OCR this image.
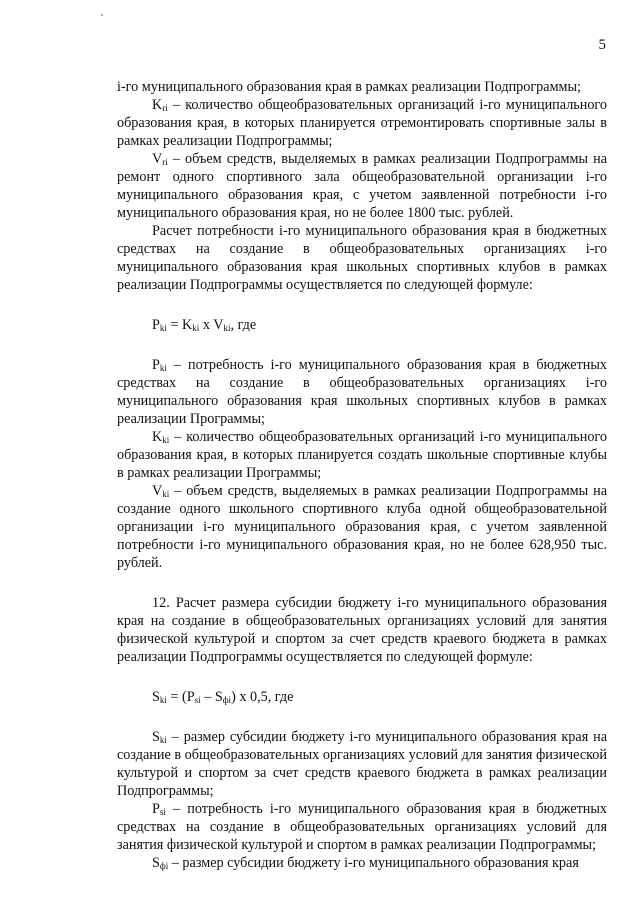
5

i-го муниципального образования края в рамках реализации Подпрограммы;

$K_{ri}$ – количество общеобразовательных организаций i-го муниципального образования края, в которых планируется отремонтировать спортивные залы в рамках реализации Подпрограммы;

$V_{ri}$ – объем средств, выделяемых в рамках реализации Подпрограммы на ремонт одного спортивного зала общеобразовательной организации i-го муниципального образования края, с учетом заявленной потребности i-го муниципального образования края, но не более 1800 тыс. рублей.

Расчет потребности i-го муниципального образования края в бюджетных средствах на создание в общеобразовательных организациях i-го муниципального образования края школьных спортивных клубов в рамках реализации Подпрограммы осуществляется по следующей формуле:

$P_{ki} = K_{ki}$ x $V_{ki}$, где

$P_{ki}$ – потребность i-го муниципального образования края в бюджетных средствах на создание в общеобразовательных организациях i-го муниципального образования края школьных спортивных клубов в рамках реализации Программы;

$K_{ki}$ – количество общеобразовательных организаций i-го муниципального образования края, в которых планируется создать школьные спортивные клубы в рамках реализации Программы;

$V_{ki}$ – объем средств, выделяемых в рамках реализации Подпрограммы на создание одного школьного спортивного клуба одной общеобразовательной организации i-го муниципального образования края, с учетом заявленной потребности i-го муниципального образования края, но не более 628,950 тыс. рублей.

12. Расчет размера субсидии бюджету i-го муниципального образования края на создание в общеобразовательных организациях условий для занятия физической культурой и спортом за счет средств краевого бюджета в рамках реализации Подпрограммы осуществляется по следующей формуле:

$S_{ki} = (P_{si} - S_{фi})$ x 0,5, где

$S_{ki}$ – размер субсидии бюджету i-го муниципального образования края на создание в общеобразовательных организациях условий для занятия физической культурой и спортом за счет средств краевого бюджета в рамках реализации Подпрограммы;

$P_{si}$ – потребность i-го муниципального образования края в бюджетных средствах на создание в общеобразовательных организациях условий для занятия физической культурой и спортом в рамках реализации Подпрограммы;

$S_{фi}$ – размер субсидии бюджету i-го муниципального образования края
